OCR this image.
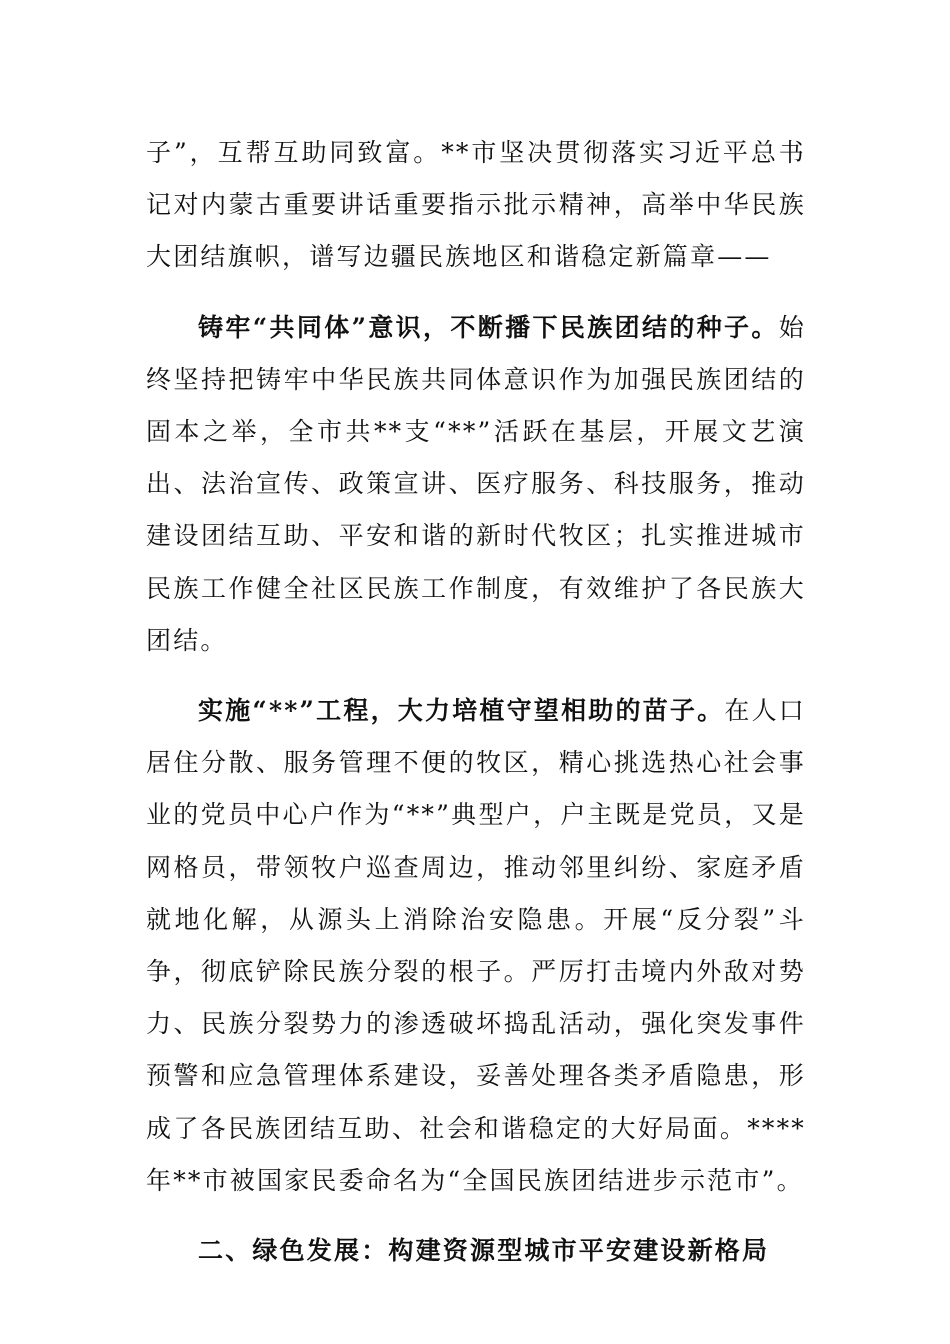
子”，互帮互助同致富。**市坚决贯彻落实习近平总书记对内蒙古重要讲话重要指示批示精神，高举中华民族大团结旗帜，谱写边疆民族地区和谐稳定新篇章——

铸牢“共同体”意识，不断播下民族团结的种子。始终坚持把铸牢中华民族共同体意识作为加强民族团结的固本之举，全市共**支“**”活跃在基层，开展文艺演出、法治宣传、政策宣讲、医疗服务、科技服务，推动建设团结互助、平安和谐的新时代牧区；扎实推进城市民族工作健全社区民族工作制度，有效维护了各民族大团结。

实施“**”工程，大力培植守望相助的苗子。在人口居住分散、服务管理不便的牧区，精心挑选热心社会事业的党员中心户作为“**”典型户，户主既是党员，又是网格员，带领牧户巡查周边，推动邻里纠纷、家庭矛盾就地化解，从源头上消除治安隐患。开展“反分裂”斗争，彻底铲除民族分裂的根子。严厉打击境内外敌对势力、民族分裂势力的渗透破坏捣乱活动，强化突发事件预警和应急管理体系建设，妥善处理各类矛盾隐患，形成了各民族团结互助、社会和谐稳定的大好局面。****年**市被国家民委命名为“全国民族团结进步示范市”。

二、绿色发展：构建资源型城市平安建设新格局
